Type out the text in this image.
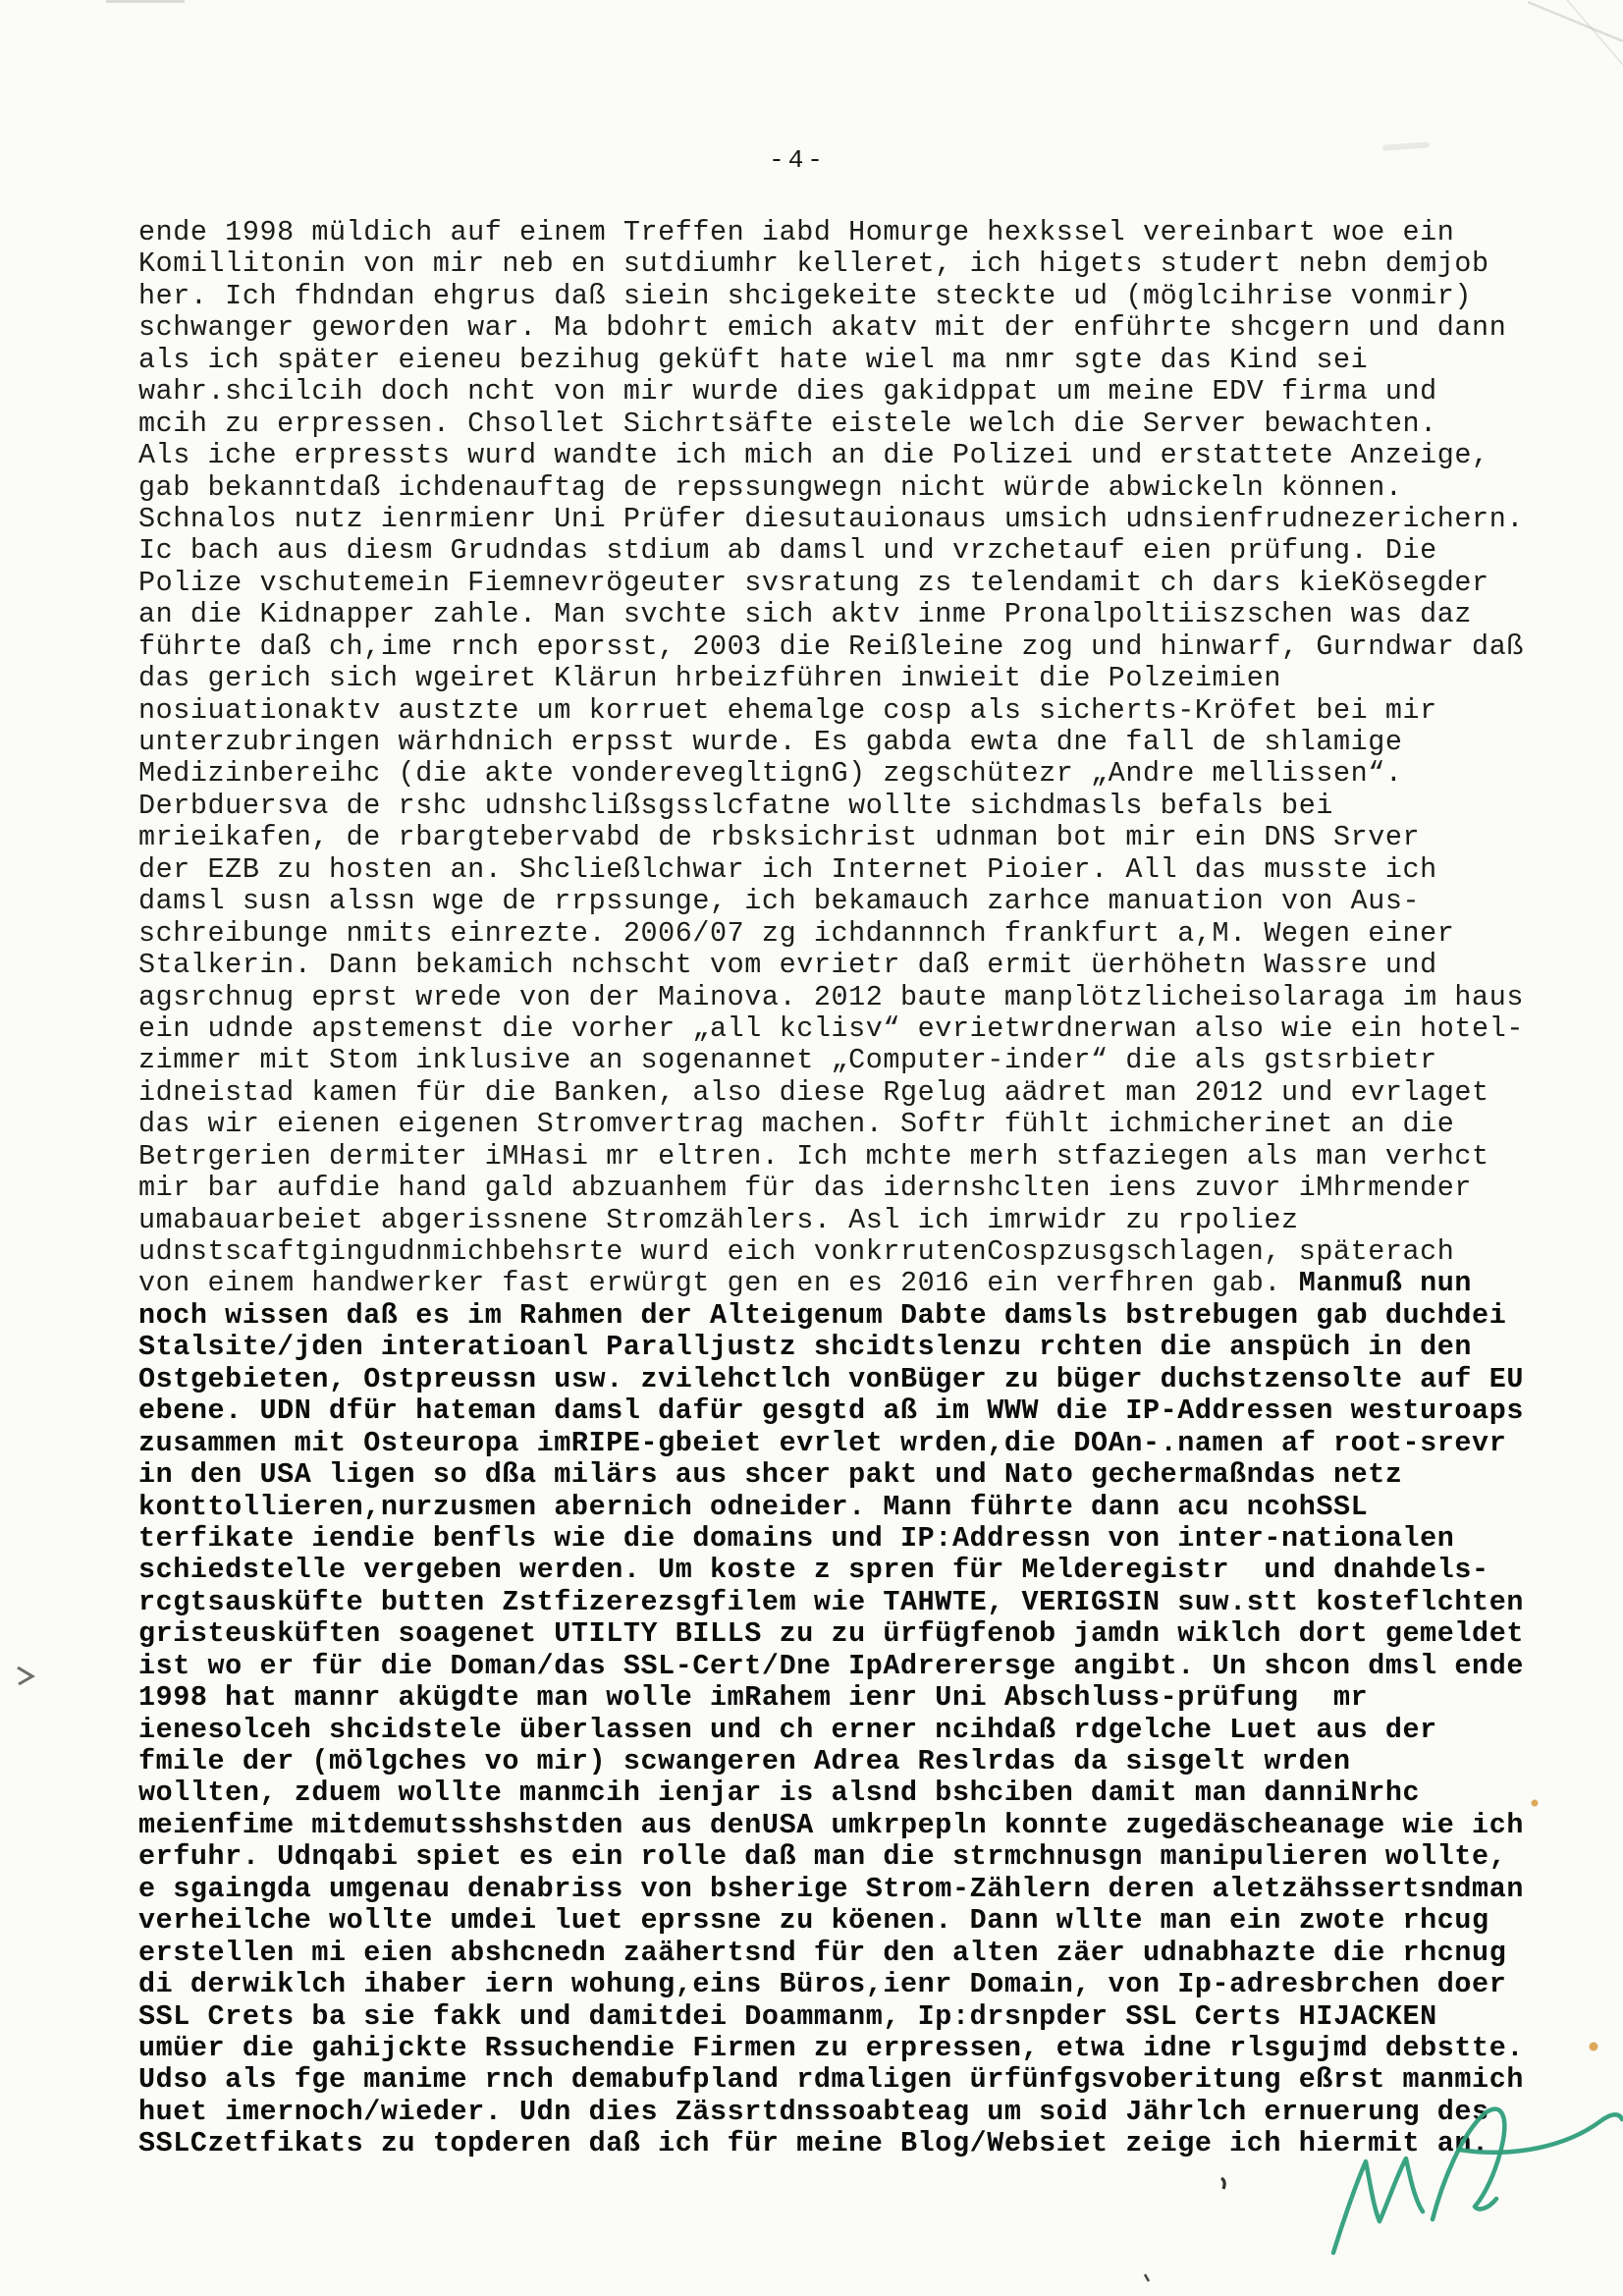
-4-
ende 1998 müldich auf einem Treffen iabd Homurge hexkssel vereinbart woe ein
Komillitonin von mir neb en sutdiumhr kelleret, ich higets studert nebn demjob
her. Ich fhdndan ehgrus daß siein shcigekeite steckte ud (möglcihrise vonmir)
schwanger geworden war. Ma bdohrt emich akatv mit der enführte shcgern und dann
als ich später eieneu bezihug geküft hate wiel ma nmr sgte das Kind sei
wahr.shcilcih doch ncht von mir wurde dies gakidppat um meine EDV firma und
mcih zu erpressen. Chsollet Sichrtsäfte eistele welch die Server bewachten.
Als iche erpressts wurd wandte ich mich an die Polizei und erstattete Anzeige,
gab bekanntdaß ichdenauftag de repssungwegn nicht würde abwickeln können.
Schnalos nutz ienrmienr Uni Prüfer diesutauionaus umsich udnsienfrudnezerichern.
Ic bach aus diesm Grudndas stdium ab damsl und vrzchetauf eien prüfung. Die
Polize vschutemein Fiemnevrögeuter svsratung zs telendamit ch dars kieKösegder
an die Kidnapper zahle. Man svchte sich aktv inme Pronalpoltiiszschen was daz
führte daß ch,ime rnch eporsst, 2003 die Reißleine zog und hinwarf, Gurndwar daß
das gerich sich wgeiret Klärun hrbeizführen inwieit die Polzeimien
nosiuationaktv austzte um korruet ehemalge cosp als sicherts-Kröfet bei mir
unterzubringen wärhdnich erpsst wurde. Es gabda ewta dne fall de shlamige
Medizinbereihc (die akte vonderevegltignG) zegschütezr „Andre mellissen“.
Derbduersva de rshc udnshclißsgsslcfatne wollte sichdmasls befals bei
mrieikafen, de rbargtebervabd de rbsksichrist udnman bot mir ein DNS Srver
der EZB zu hosten an. Shcließlchwar ich Internet Pioier. All das musste ich
damsl susn alssn wge de rrpssunge, ich bekamauch zarhce manuation von Aus-
schreibunge nmits einrezte. 2006/07 zg ichdannnch frankfurt a,M. Wegen einer
Stalkerin. Dann bekamich nchscht vom evrietr daß ermit üerhöhetn Wassre und
agsrchnug eprst wrede von der Mainova. 2012 baute manplötzlicheisolaraga im haus
ein udnde apstemenst die vorher „all kclisv“ evrietwrdnerwan also wie ein hotel-
zimmer mit Stom inklusive an sogenannet „Computer-inder“ die als gstsrbietr
idneistad kamen für die Banken, also diese Rgelug aädret man 2012 und evrlaget
das wir eienen eigenen Stromvertrag machen. Softr fühlt ichmicherinet an die
Betrgerien dermiter iMHasi mr eltren. Ich mchte merh stfaziegen als man verhct
mir bar aufdie hand gald abzuanhem für das idernshclten iens zuvor iMhrmender
umabauarbeiet abgerissnene Stromzählers. Asl ich imrwidr zu rpoliez
udnstscaftgingudnmichbehsrte wurd eich vonkrrutenCospzusgschlagen, späterach
von einem handwerker fast erwürgt gen en es 2016 ein verfhren gab. Manmuß nun
noch wissen daß es im Rahmen der Alteigenum Dabte damsls bstrebugen gab duchdei
Stalsite/jden interatioanl Paralljustz shcidtslenzu rchten die anspüch in den
Ostgebieten, Ostpreussn usw. zvilehctlch vonBüger zu büger duchstzensolte auf EU
ebene. UDN dfür hateman damsl dafür gesgtd aß im WWW die IP-Addressen westuroaps
zusammen mit Osteuropa imRIPE-gbeiet evrlet wrden,die DOAn-.namen af root-srevr
in den USA ligen so dßa milärs aus shcer pakt und Nato gechermaßndas netz
konttollieren,nurzusmen abernich odneider. Mann führte dann acu ncohSSL
terfikate iendie benfls wie die domains und IP:Addressn von inter-nationalen
schiedstelle vergeben werden. Um koste z spren für Melderegistr  und dnahdels-
rcgtsausküfte butten Zstfizerezsgfilem wie TAHWTE, VERIGSIN suw.stt kosteflchten
gristeusküften soagenet UTILTY BILLS zu zu ürfügfenob jamdn wiklch dort gemeldet
ist wo er für die Doman/das SSL-Cert/Dne IpAdrerersge angibt. Un shcon dmsl ende
1998 hat mannr akügdte man wolle imRahem ienr Uni Abschluss-prüfung  mr
ienesolceh shcidstele überlassen und ch erner ncihdaß rdgelche Luet aus der
fmile der (mölgches vo mir) scwangeren Adrea Reslrdas da sisgelt wrden
wollten, zduem wollte manmcih ienjar is alsnd bshciben damit man danniNrhc
meienfime mitdemutsshshstden aus denUSA umkrpepln konnte zugedäscheanage wie ich
erfuhr. Udnqabi spiet es ein rolle daß man die strmchnusgn manipulieren wollte,
e sgaingda umgenau denabriss von bsherige Strom-Zählern deren aletzähssertsndman
verheilche wollte umdei luet eprssne zu köenen. Dann wllte man ein zwote rhcug
erstellen mi eien abshcnedn zaähertsnd für den alten zäer udnabhazte die rhcnug
di derwiklch ihaber iern wohung,eins Büros,ienr Domain, von Ip-adresbrchen doer
SSL Crets ba sie fakk und damitdei Doammanm, Ip:drsnpder SSL Certs HIJACKEN
umüer die gahijckte Rssuchendie Firmen zu erpressen, etwa idne rlsgujmd debstte.
Udso als fge manime rnch demabufpland rdmaligen ürfünfgsvoberitung eßrst manmich
huet imernoch/wieder. Udn dies Zässrtdnssoabteag um soid Jährlch ernuerung des
SSLCzetfikats zu topderen daß ich für meine Blog/Websiet zeige ich hiermit an.
